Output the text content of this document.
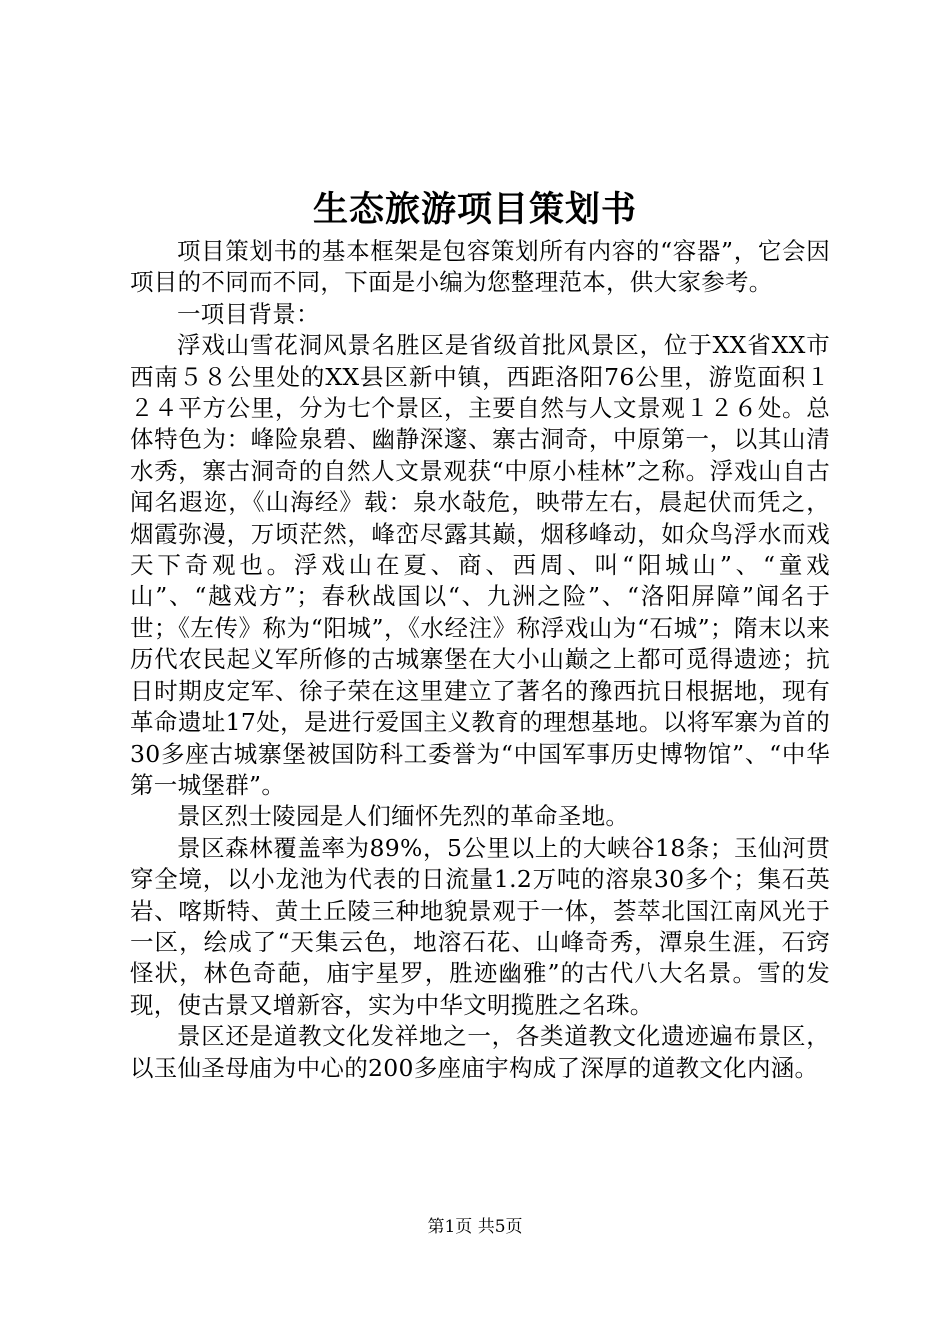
生态旅游项目策划书

项目策划书的基本框架是包容策划所有内容的“容器”，它会因项目的不同而不同，下面是小编为您整理范本，供大家参考。

一项目背景：

浮戏山雪花洞风景名胜区是省级首批风景区，位于XX省XX市西南５８公里处的XX县区新中镇，西距洛阳76公里，游览面积１２４平方公里，分为七个景区，主要自然与人文景观１２６处。总体特色为：峰险泉碧、幽静深邃、寨古洞奇，中原第一，以其山清水秀，寨古洞奇的自然人文景观获“中原小桂林”之称。浮戏山自古闻名遐迩，《山海经》载：泉水敧危，映带左右，晨起伏而凭之，烟霞弥漫，万顷茫然，峰峦尽露其巅，烟移峰动，如众鸟浮水而戏天下奇观也。浮戏山在夏、商、西周、叫“阳城山”、“童戏山”、“越戏方”；春秋战国以“、九洲之险”、“洛阳屏障”闻名于世；《左传》称为“阳城”，《水经注》称浮戏山为“石城”；隋末以来历代农民起义军所修的古城寨堡在大小山巅之上都可觅得遗迹；抗日时期皮定军、徐子荣在这里建立了著名的豫西抗日根据地，现有革命遗址17处，是进行爱国主义教育的理想基地。以将军寨为首的30多座古城寨堡被国防科工委誉为“中国军事历史博物馆”、“中华第一城堡群”。

景区烈士陵园是人们缅怀先烈的革命圣地。

景区森林覆盖率为89%，5公里以上的大峡谷18条；玉仙河贯穿全境，以小龙池为代表的日流量1.2万吨的溶泉30多个；集石英岩、喀斯特、黄土丘陵三种地貌景观于一体，荟萃北国江南风光于一区，绘成了“天集云色，地溶石花、山峰奇秀，潭泉生涯，石窍怪状，林色奇葩，庙宇星罗，胜迹幽雅”的古代八大名景。雪的发现，使古景又增新容，实为中华文明揽胜之名珠。

景区还是道教文化发祥地之一，各类道教文化遗迹遍布景区，以玉仙圣母庙为中心的200多座庙宇构成了深厚的道教文化内涵。

第1页 共5页
